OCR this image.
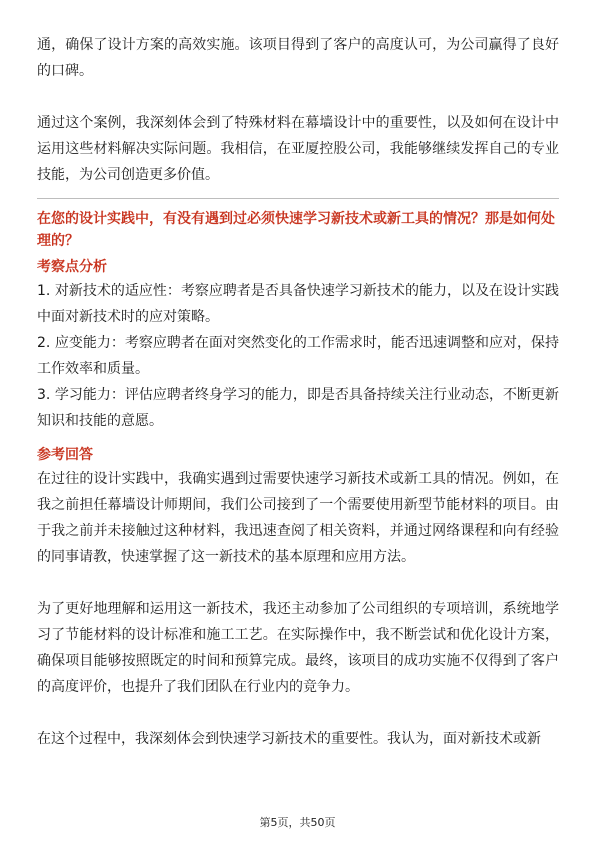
通，确保了设计方案的高效实施。该项目得到了客户的高度认可，为公司赢得了良好的口碑。

通过这个案例，我深刻体会到了特殊材料在幕墙设计中的重要性，以及如何在设计中运用这些材料解决实际问题。我相信，在亚厦控股公司，我能够继续发挥自己的专业技能，为公司创造更多价值。

在您的设计实践中，有没有遇到过必须快速学习新技术或新工具的情况？那是如何处理的？
考察点分析

1. 对新技术的适应性：考察应聘者是否具备快速学习新技术的能力，以及在设计实践中面对新技术时的应对策略。

2. 应变能力：考察应聘者在面对突然变化的工作需求时，能否迅速调整和应对，保持工作效率和质量。

3. 学习能力：评估应聘者终身学习的能力，即是否具备持续关注行业动态，不断更新知识和技能的意愿。

参考回答

在过往的设计实践中，我确实遇到过需要快速学习新技术或新工具的情况。例如，在我之前担任幕墙设计师期间，我们公司接到了一个需要使用新型节能材料的项目。由于我之前并未接触过这种材料，我迅速查阅了相关资料，并通过网络课程和向有经验的同事请教，快速掌握了这一新技术的基本原理和应用方法。

为了更好地理解和运用这一新技术，我还主动参加了公司组织的专项培训，系统地学习了节能材料的设计标准和施工工艺。在实际操作中，我不断尝试和优化设计方案，确保项目能够按照既定的时间和预算完成。最终，该项目的成功实施不仅得到了客户的高度评价，也提升了我们团队在行业内的竞争力。

在这个过程中，我深刻体会到快速学习新技术的重要性。我认为，面对新技术或新

第5页，共50页
